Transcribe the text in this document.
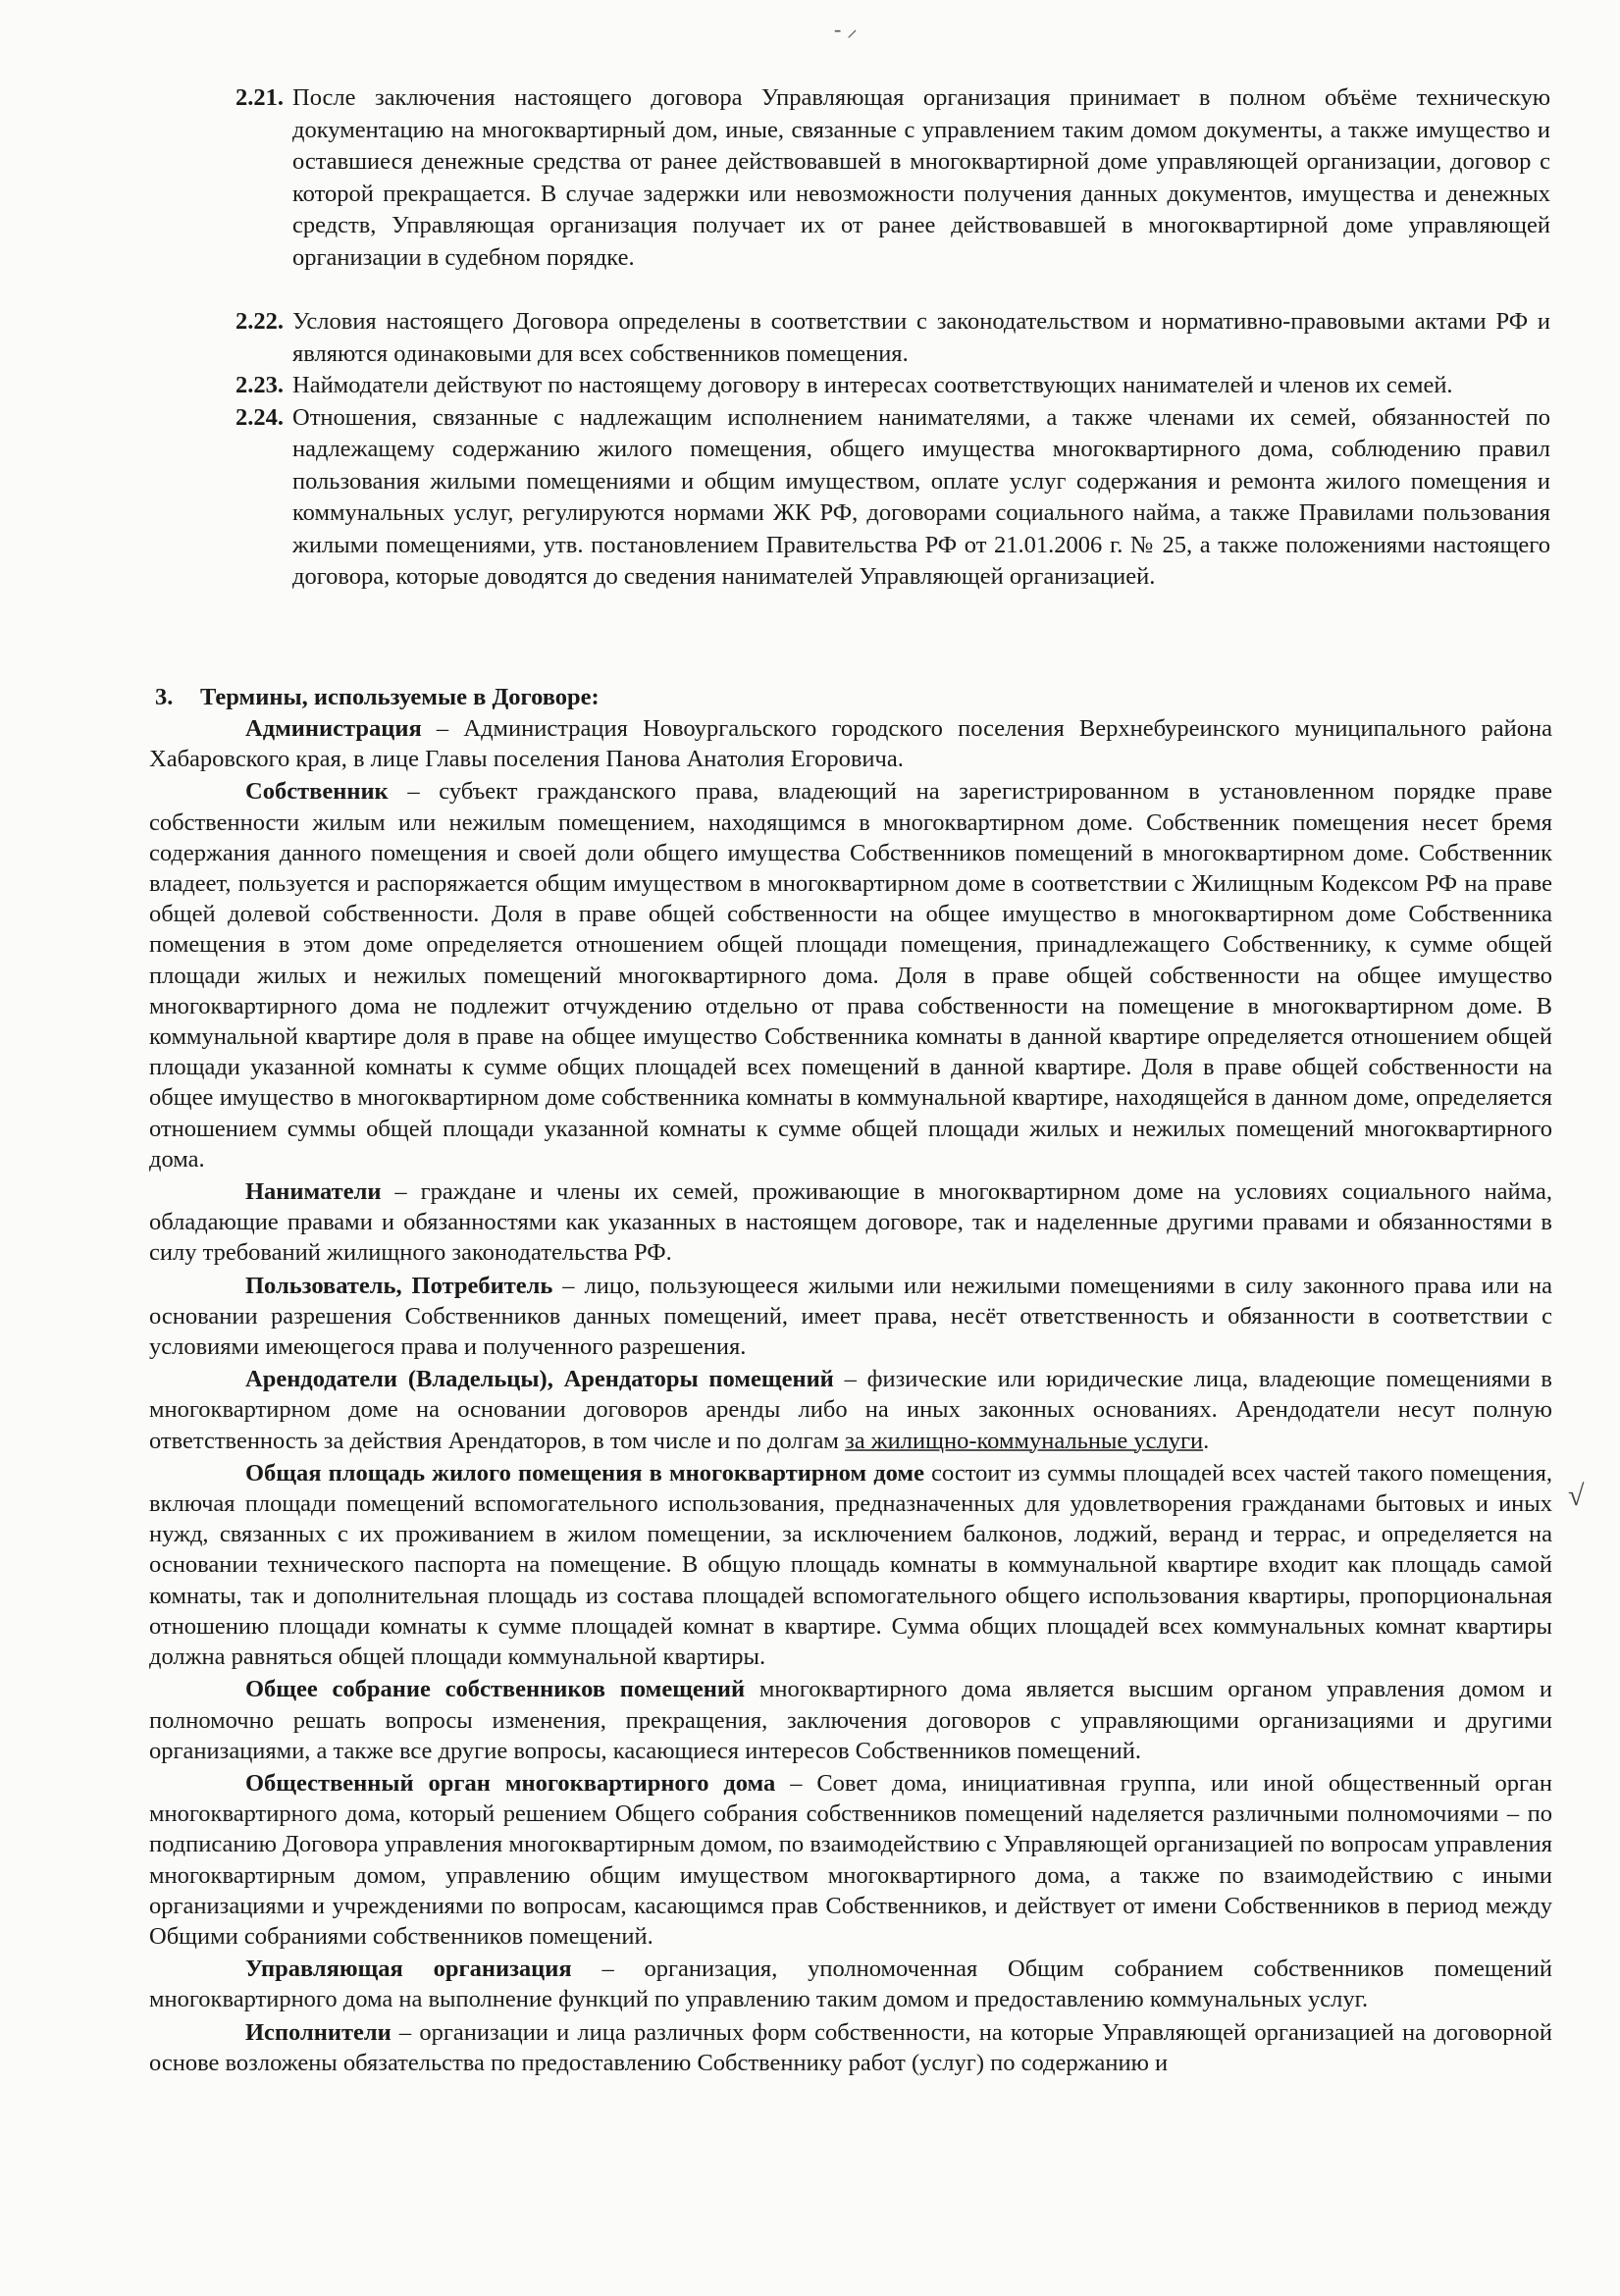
- ⸝
2.21. После заключения настоящего договора Управляющая организация принимает в полном объёме техническую документацию на многоквартирный дом, иные, связанные с управлением таким домом документы, а также имущество и оставшиеся денежные средства от ранее действовавшей в многоквартирной доме управляющей организации, договор с которой прекращается. В случае задержки или невозможности получения данных документов, имущества и денежных средств, Управляющая организация получает их от ранее действовавшей в многоквартирной доме управляющей организации в судебном порядке.
2.22. Условия настоящего Договора определены в соответствии с законодательством и нормативно-правовыми актами РФ и являются одинаковыми для всех собственников помещения.
2.23. Наймодатели действуют по настоящему договору в интересах соответствующих нанимателей и членов их семей.
2.24. Отношения, связанные с надлежащим исполнением нанимателями, а также членами их семей, обязанностей по надлежащему содержанию жилого помещения, общего имущества многоквартирного дома, соблюдению правил пользования жилыми помещениями и общим имуществом, оплате услуг содержания и ремонта жилого помещения и коммунальных услуг, регулируются нормами ЖК РФ, договорами социального найма, а также Правилами пользования жилыми помещениями, утв. постановлением Правительства РФ от 21.01.2006 г. № 25, а также положениями настоящего договора, которые доводятся до сведения нанимателей Управляющей организацией.
3. Термины, используемые в Договоре:

Администрация – Администрация Новоургальского городского поселения Верхнебуреинского муниципального района Хабаровского края, в лице Главы поселения Панова Анатолия Егоровича.

Собственник – субъект гражданского права, владеющий на зарегистрированном в установленном порядке праве собственности жилым или нежилым помещением, находящимся в многоквартирном доме. Собственник помещения несет бремя содержания данного помещения и своей доли общего имущества Собственников помещений в многоквартирном доме. Собственник владеет, пользуется и распоряжается общим имуществом в многоквартирном доме в соответствии с Жилищным Кодексом РФ на праве общей долевой собственности. Доля в праве общей собственности на общее имущество в многоквартирном доме Собственника помещения в этом доме определяется отношением общей площади помещения, принадлежащего Собственнику, к сумме общей площади жилых и нежилых помещений многоквартирного дома. Доля в праве общей собственности на общее имущество многоквартирного дома не подлежит отчуждению отдельно от права собственности на помещение в многоквартирном доме. В коммунальной квартире доля в праве на общее имущество Собственника комнаты в данной квартире определяется отношением общей площади указанной комнаты к сумме общих площадей всех помещений в данной квартире. Доля в праве общей собственности на общее имущество в многоквартирном доме собственника комнаты в коммунальной квартире, находящейся в данном доме, определяется отношением суммы общей площади указанной комнаты к сумме общей площади жилых и нежилых помещений многоквартирного дома.

Наниматели – граждане и члены их семей, проживающие в многоквартирном доме на условиях социального найма, обладающие правами и обязанностями как указанных в настоящем договоре, так и наделенные другими правами и обязанностями в силу требований жилищного законодательства РФ.

Пользователь, Потребитель – лицо, пользующееся жилыми или нежилыми помещениями в силу законного права или на основании разрешения Собственников данных помещений, имеет права, несёт ответственность и обязанности в соответствии с условиями имеющегося права и полученного разрешения.

Арендодатели (Владельцы), Арендаторы помещений – физические или юридические лица, владеющие помещениями в многоквартирном доме на основании договоров аренды либо на иных законных основаниях. Арендодатели несут полную ответственность за действия Арендаторов, в том числе и по долгам за жилищно-коммунальные услуги.

Общая площадь жилого помещения в многоквартирном доме состоит из суммы площадей всех частей такого помещения, включая площади помещений вспомогательного использования, предназначенных для удовлетворения гражданами бытовых и иных нужд, связанных с их проживанием в жилом помещении, за исключением балконов, лоджий, веранд и террас, и определяется на основании технического паспорта на помещение. В общую площадь комнаты в коммунальной квартире входит как площадь самой комнаты, так и дополнительная площадь из состава площадей вспомогательного общего использования квартиры, пропорциональная отношению площади комнаты к сумме площадей комнат в квартире. Сумма общих площадей всех коммунальных комнат квартиры должна равняться общей площади коммунальной квартиры.

Общее собрание собственников помещений многоквартирного дома является высшим органом управления домом и полномочно решать вопросы изменения, прекращения, заключения договоров с управляющими организациями и другими организациями, а также все другие вопросы, касающиеся интересов Собственников помещений.

Общественный орган многоквартирного дома – Совет дома, инициативная группа, или иной общественный орган многоквартирного дома, который решением Общего собрания собственников помещений наделяется различными полномочиями – по подписанию Договора управления многоквартирным домом, по взаимодействию с Управляющей организацией по вопросам управления многоквартирным домом, управлению общим имуществом многоквартирного дома, а также по взаимодействию с иными организациями и учреждениями по вопросам, касающимся прав Собственников, и действует от имени Собственников в период между Общими собраниями собственников помещений.

Управляющая организация – организация, уполномоченная Общим собранием собственников помещений многоквартирного дома на выполнение функций по управлению таким домом и предоставлению коммунальных услуг.

Исполнители – организации и лица различных форм собственности, на которые Управляющей организацией на договорной основе возложены обязательства по предоставлению Собственнику работ (услуг) по содержанию и

√
